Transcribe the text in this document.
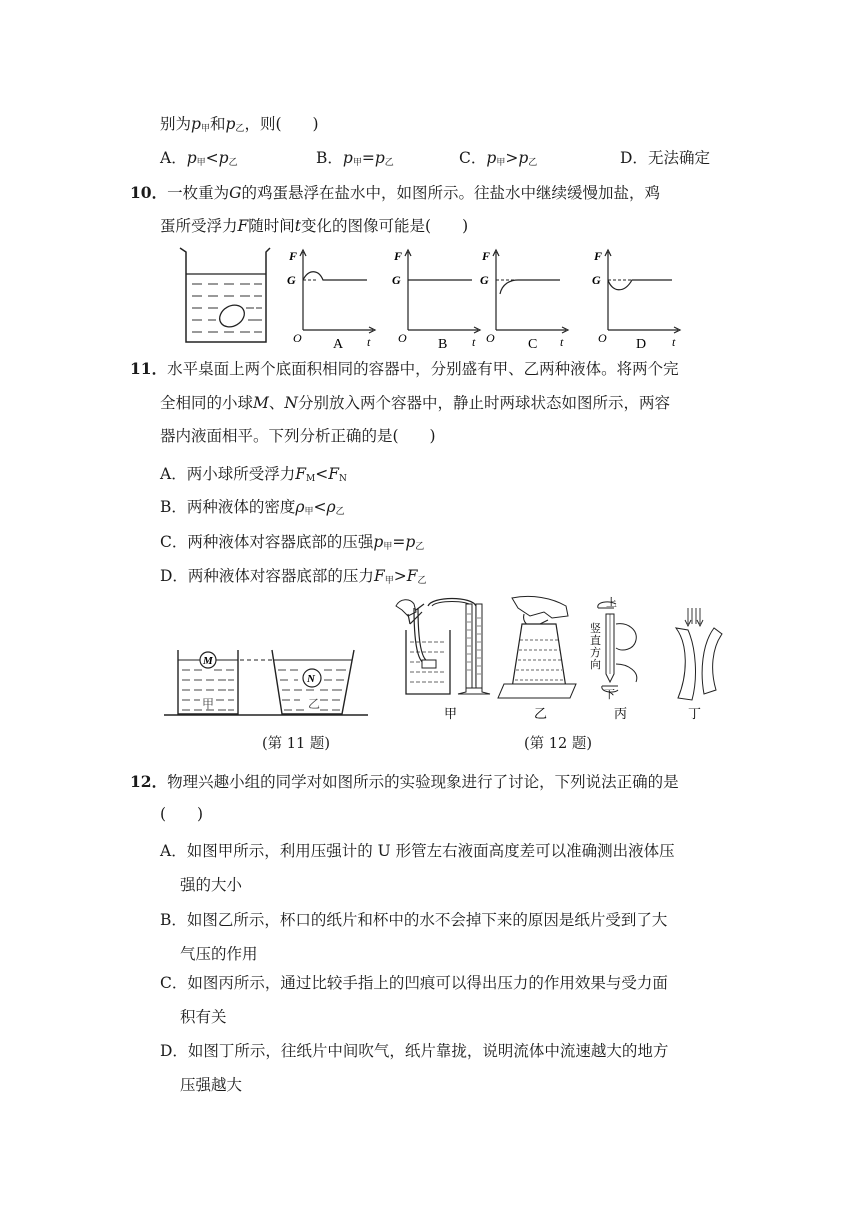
别为$p_甲$和$p_乙$，则(　　)
A．$p_甲<p_乙$	B．$p_甲=p_乙$	C．$p_甲>p_乙$	D．无法确定
10．一枚重为G的鸡蛋悬浮在盐水中，如图所示。往盐水中继续缓慢加盐，鸡
蛋所受浮力F随时间t变化的图像可能是(　　)
F
G
O	t
A
F
G
O	t
B
F
G
O	t
C
F
G
O	t
D
11．水平桌面上两个底面积相同的容器中，分别盛有甲、乙两种液体。将两个完
全相同的小球M、N分别放入两个容器中，静止时两球状态如图所示，两容
器内液面相平。下列分析正确的是(　　)
A．两小球所受浮力$F_M<F_N$
B．两种液体的密度$\rho_甲<\rho_乙$
C．两种液体对容器底部的压强$p_甲=p_乙$
D．两种液体对容器底部的压力$F_甲>F_乙$
M
甲
N
乙
(第 11 题)
甲	乙
上
竖
直
方
向
下
丙	丁
(第 12 题)
12．物理兴趣小组的同学对如图所示的实验现象进行了讨论，下列说法正确的是
(　　)
A．如图甲所示，利用压强计的 U 形管左右液面高度差可以准确测出液体压
强的大小
B．如图乙所示，杯口的纸片和杯中的水不会掉下来的原因是纸片受到了大
气压的作用
C．如图丙所示，通过比较手指上的凹痕可以得出压力的作用效果与受力面
积有关
D．如图丁所示，往纸片中间吹气，纸片靠拢，说明流体中流速越大的地方
压强越大
